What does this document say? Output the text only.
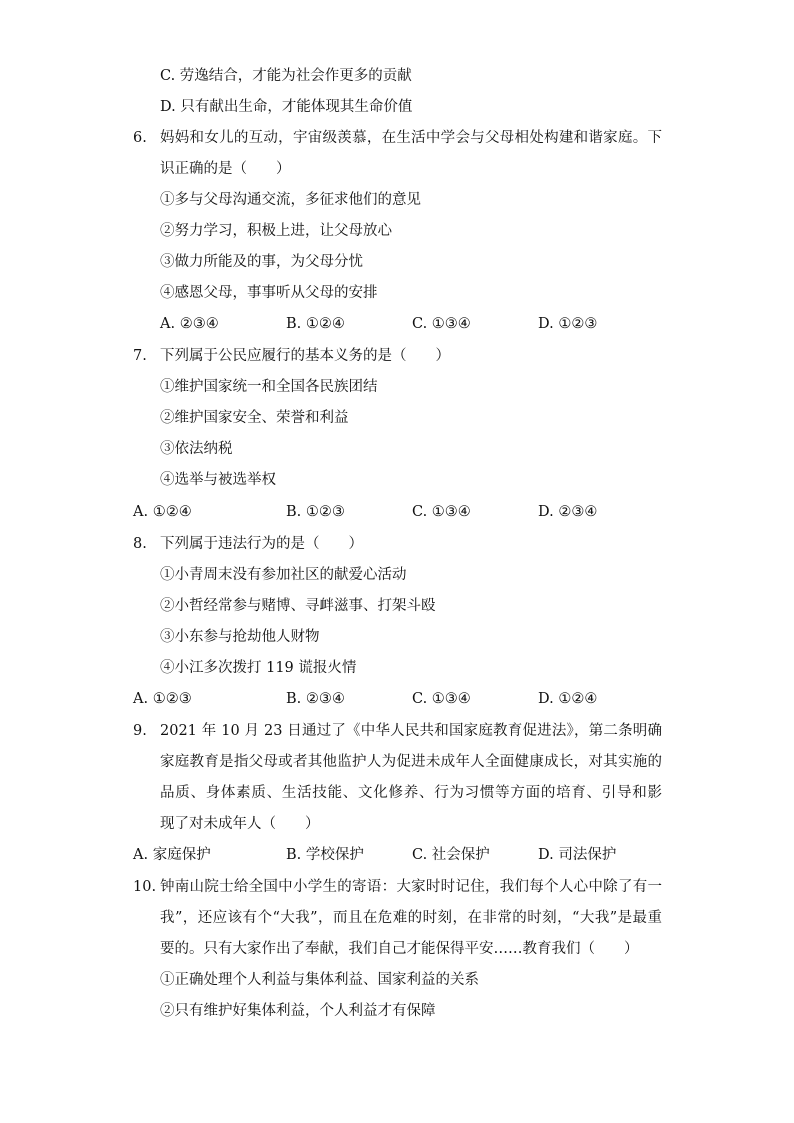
C. 劳逸结合，才能为社会作更多的贡献
D. 只有献出生命，才能体现其生命价值
6. 妈妈和女儿的互动，宇宙级羡慕，在生活中学会与父母相处构建和谐家庭。下
识正确的是（　　）
①多与父母沟通交流，多征求他们的意见
②努力学习，积极上进，让父母放心
③做力所能及的事，为父母分忧
④感恩父母，事事听从父母的安排
A. ②③④	B. ①②④	C. ①③④	D. ①②③
7. 下列属于公民应履行的基本义务的是（　　）
①维护国家统一和全国各民族团结
②维护国家安全、荣誉和利益
③依法纳税
④选举与被选举权
A. ①②④	B. ①②③	C. ①③④	D. ②③④
8. 下列属于违法行为的是（　　）
①小青周末没有参加社区的献爱心活动
②小哲经常参与赌博、寻衅滋事、打架斗殴
③小东参与抢劫他人财物
④小江多次拨打 119 谎报火情
A. ①②③	B. ②③④	C. ①③④	D. ①②④
9. 2021 年 10 月 23 日通过了《中华人民共和国家庭教育促进法》，第二条明确
家庭教育是指父母或者其他监护人为促进未成年人全面健康成长，对其实施的
品质、身体素质、生活技能、文化修养、行为习惯等方面的培育、引导和影
现了对未成年人（　　）
A. 家庭保护	B. 学校保护	C. 社会保护	D. 司法保护
10. 钟南山院士给全国中小学生的寄语：大家时时记住，我们每个人心中除了有一
我”，还应该有个“大我”，而且在危难的时刻，在非常的时刻，“大我”是最重
要的。只有大家作出了奉献，我们自己才能保得平安……教育我们（　　）
①正确处理个人利益与集体利益、国家利益的关系
②只有维护好集体利益，个人利益才有保障
